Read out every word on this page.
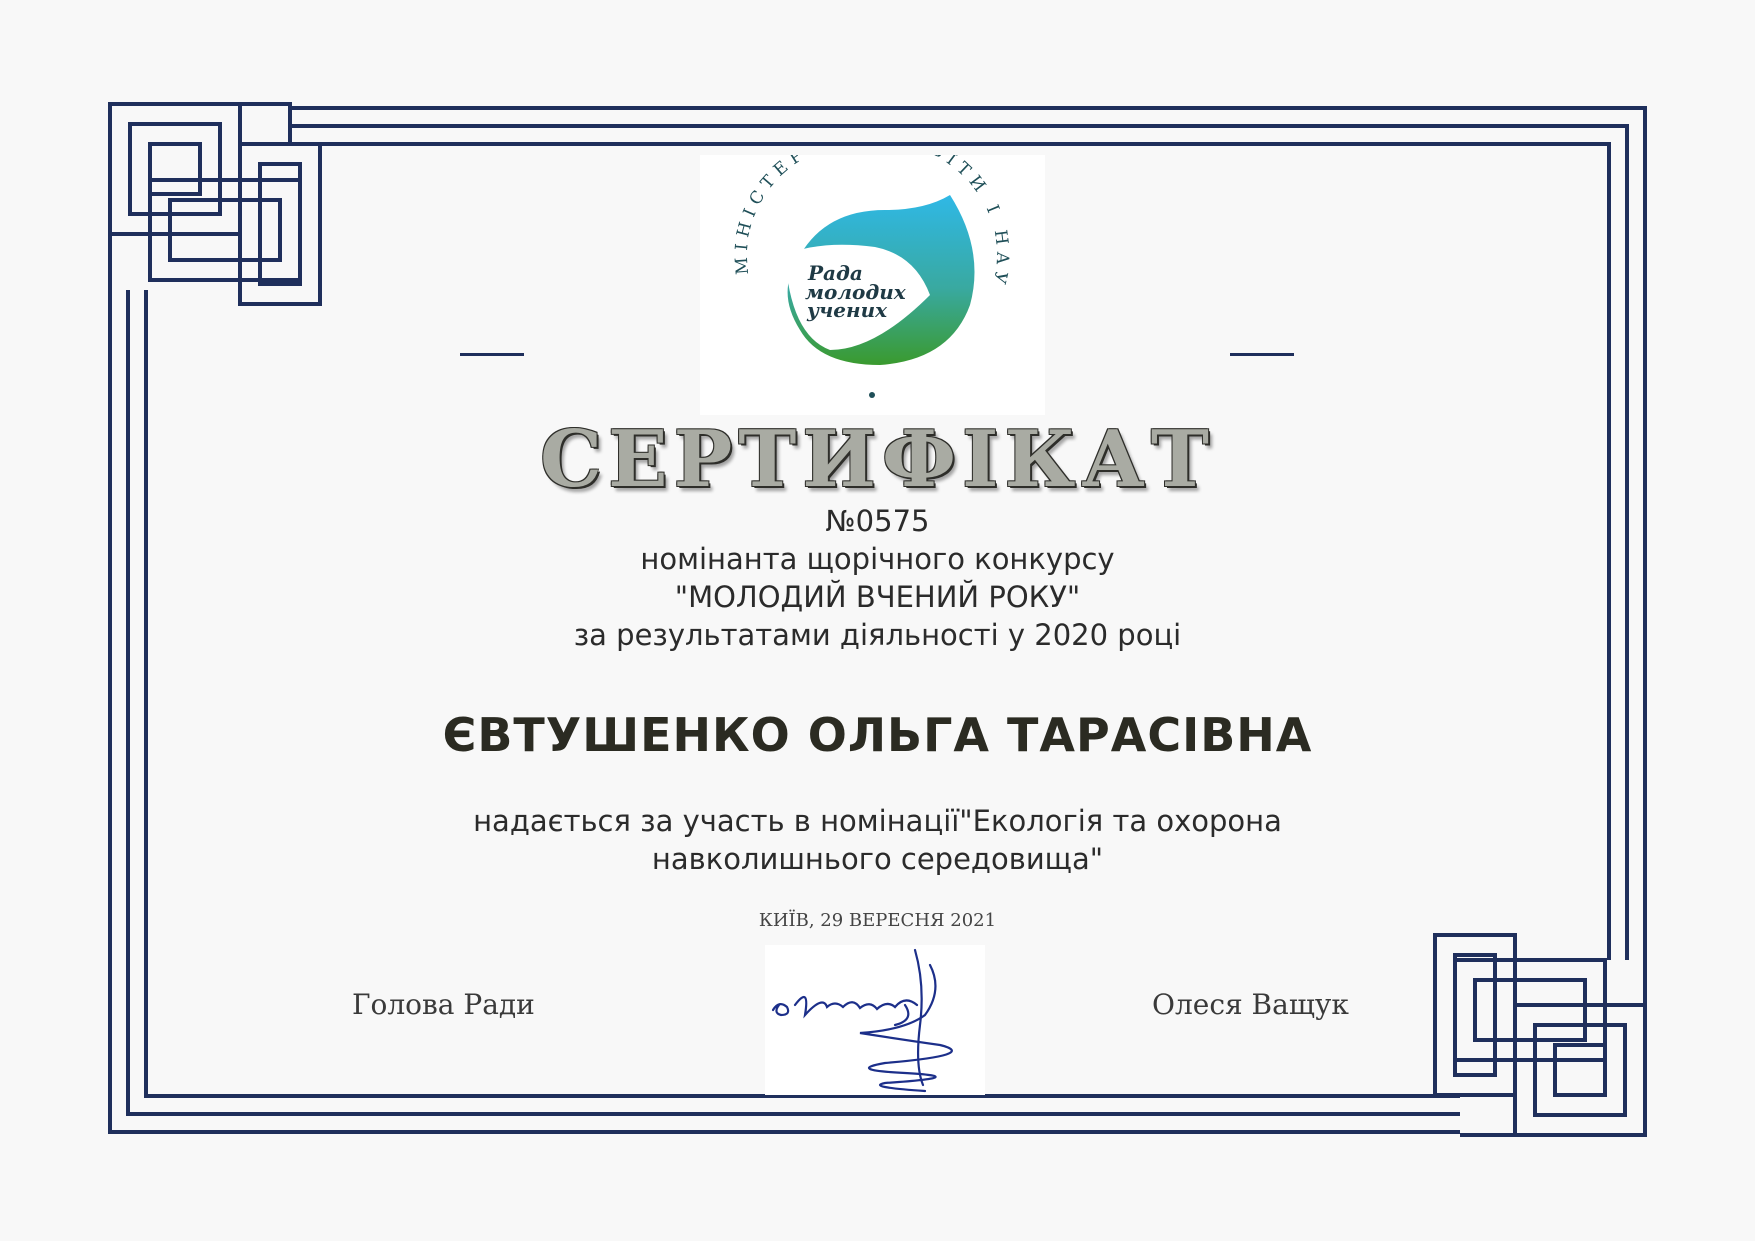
МІНІСТЕР ІТИ І НАУ
Рада
молодих
учених
СЕРТИФІКАТ
№0575
номінанта щорічного конкурсу
"МОЛОДИЙ ВЧЕНИЙ РОКУ"
за результатами діяльності у 2020 році
ЄВТУШЕНКО ОЛЬГА ТАРАСІВНА
надається за участь в номінації"Екологія та охорона
навколишнього середовища"
КИЇВ, 29 ВЕРЕСНЯ 2021
Голова Ради	Олеся Ващук
